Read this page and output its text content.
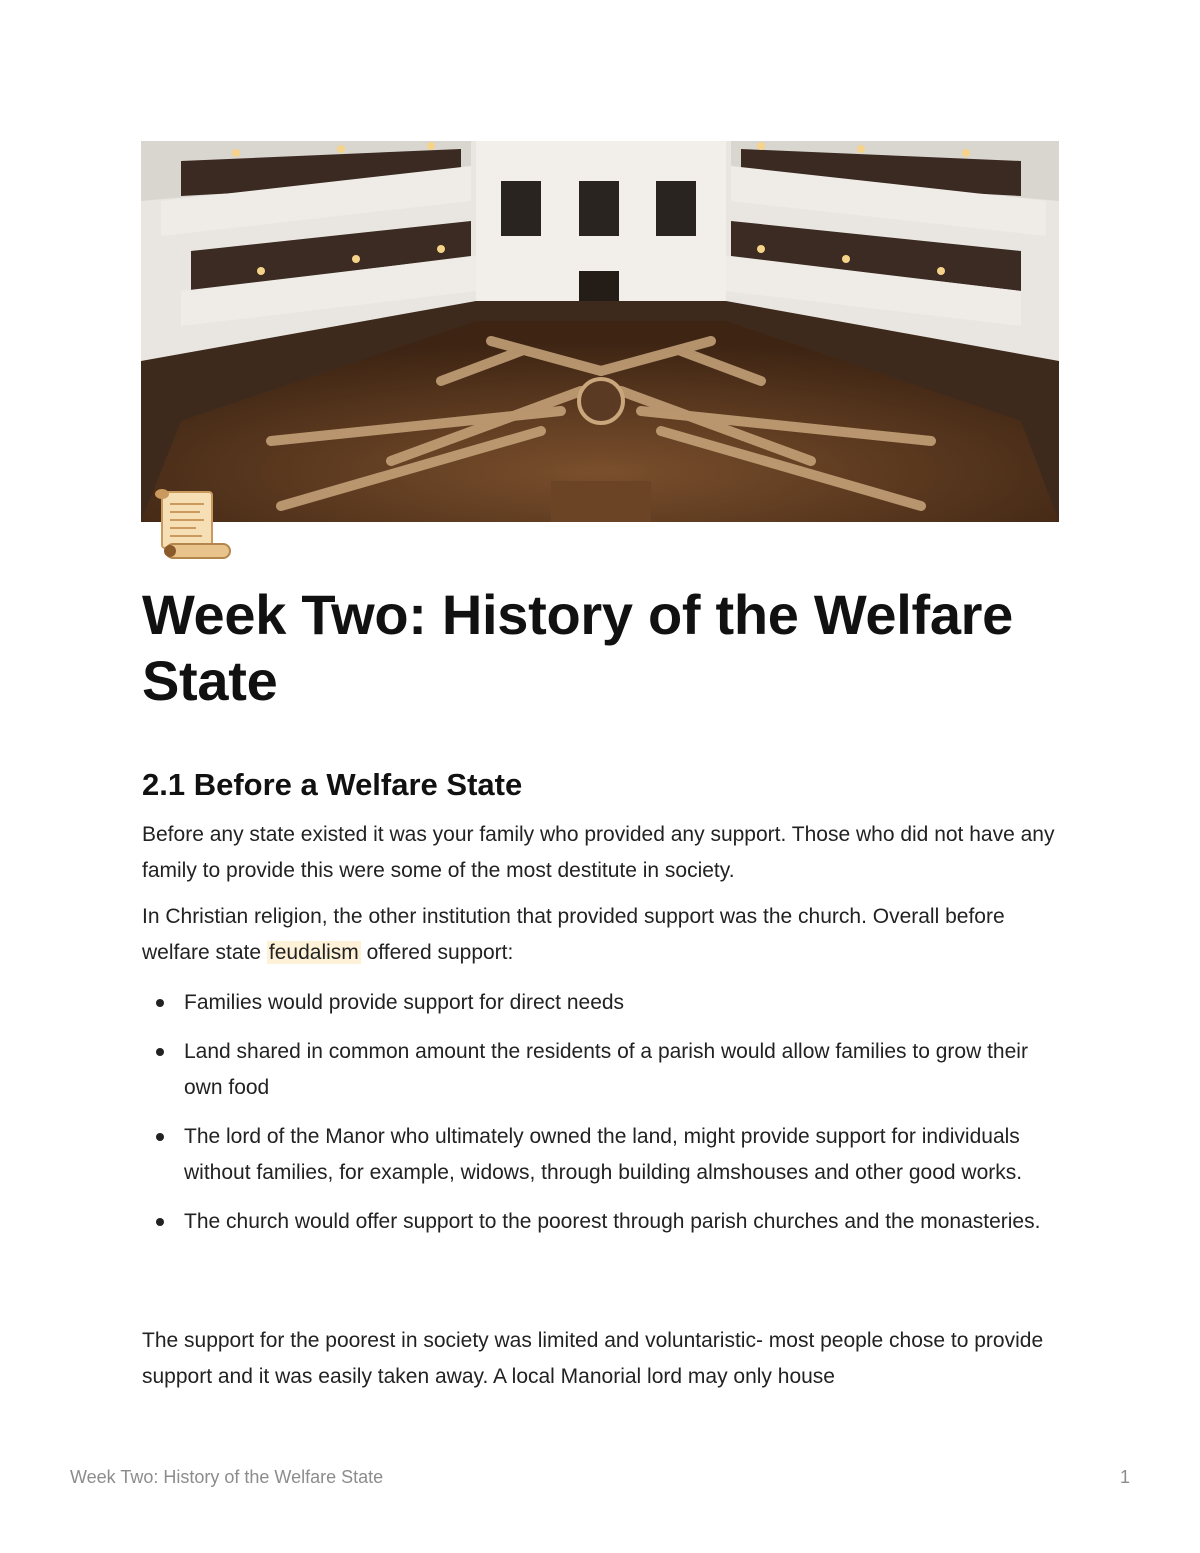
Week Two: History of the Welfare State
2.1 Before a Welfare State

Before any state existed it was your family who provided any support. Those who did not have any family to provide this were some of the most destitute in society.

In Christian religion, the other institution that provided support was the church. Overall before welfare state feudalism offered support:

Families would provide support for direct needs
Land shared in common amount the residents of a parish would allow families to grow their own food
The lord of the Manor who ultimately owned the land, might provide support for individuals without families, for example, widows, through building almshouses and other good works.
The church would offer support to the poorest through parish churches and the monasteries.

The support for the poorest in society was limited and voluntaristic- most people chose to provide support and it was easily taken away. A local Manorial lord may only house

Week Two: History of the Welfare State	1
